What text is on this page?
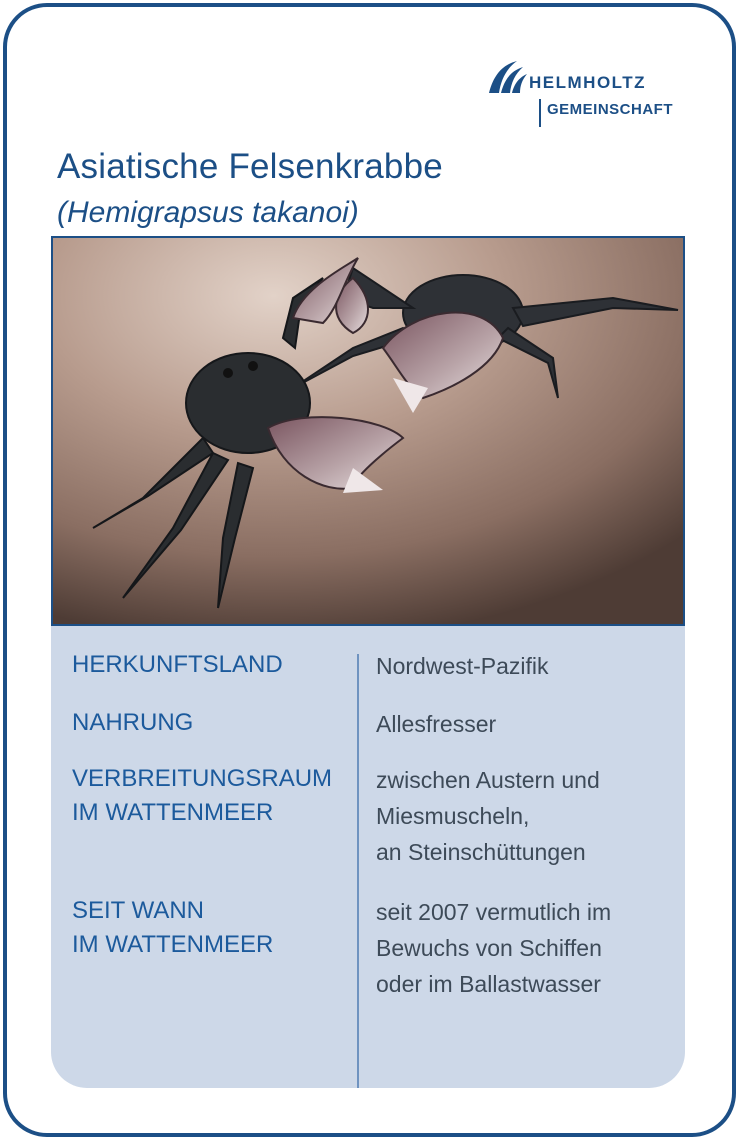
HELMHOLTZ
GEMEINSCHAFT
Asiatische Felsenkrabbe
(Hemigrapsus takanoi)
HERKUNFTSLAND	Nordwest-Pazifik
NAHRUNG	Allesfresser
VERBREITUNGSRAUM
IM WATTENMEER
zwischen Austern und
Miesmuscheln,
an Steinschüttungen
SEIT WANN
IM WATTENMEER
seit 2007 vermutlich im
Bewuchs von Schiffen
oder im Ballastwasser
